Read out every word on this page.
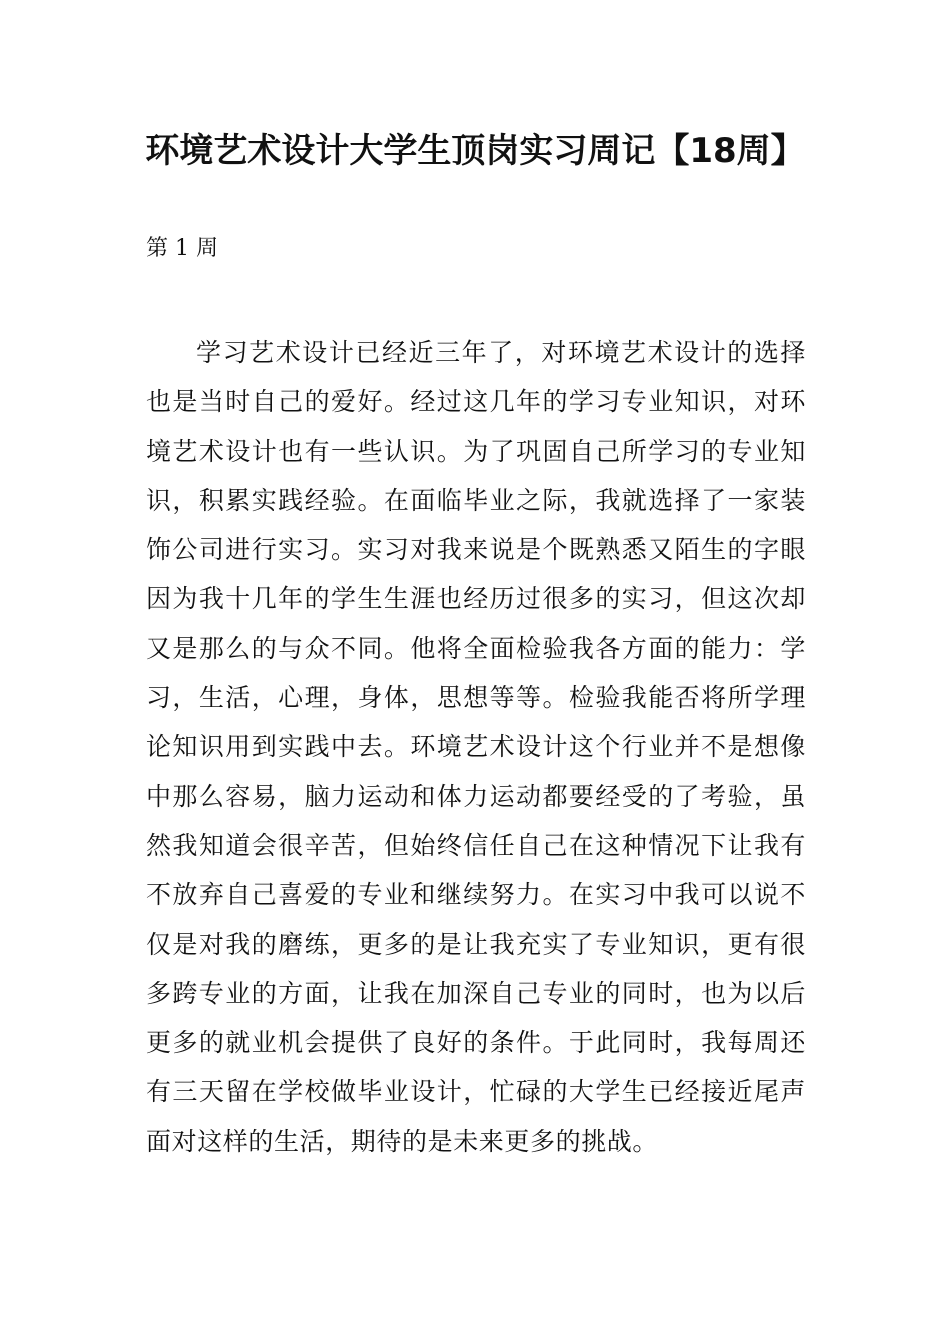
环境艺术设计大学生顶岗实习周记【18周】
第 1 周

学习艺术设计已经近三年了，对环境艺术设计的选择也是当时自己的爱好。经过这几年的学习专业知识，对环境艺术设计也有一些认识。为了巩固自己所学习的专业知识，积累实践经验。在面临毕业之际，我就选择了一家装饰公司进行实习。实习对我来说是个既熟悉又陌生的字眼因为我十几年的学生生涯也经历过很多的实习，但这次却又是那么的与众不同。他将全面检验我各方面的能力：学习，生活，心理，身体，思想等等。检验我能否将所学理论知识用到实践中去。环境艺术设计这个行业并不是想像中那么容易，脑力运动和体力运动都要经受的了考验，虽然我知道会很辛苦，但始终信任自己在这种情况下让我有不放弃自己喜爱的专业和继续努力。在实习中我可以说不仅是对我的磨练，更多的是让我充实了专业知识，更有很多跨专业的方面，让我在加深自己专业的同时，也为以后更多的就业机会提供了良好的条件。于此同时，我每周还有三天留在学校做毕业设计，忙碌的大学生已经接近尾声面对这样的生活，期待的是未来更多的挑战。
